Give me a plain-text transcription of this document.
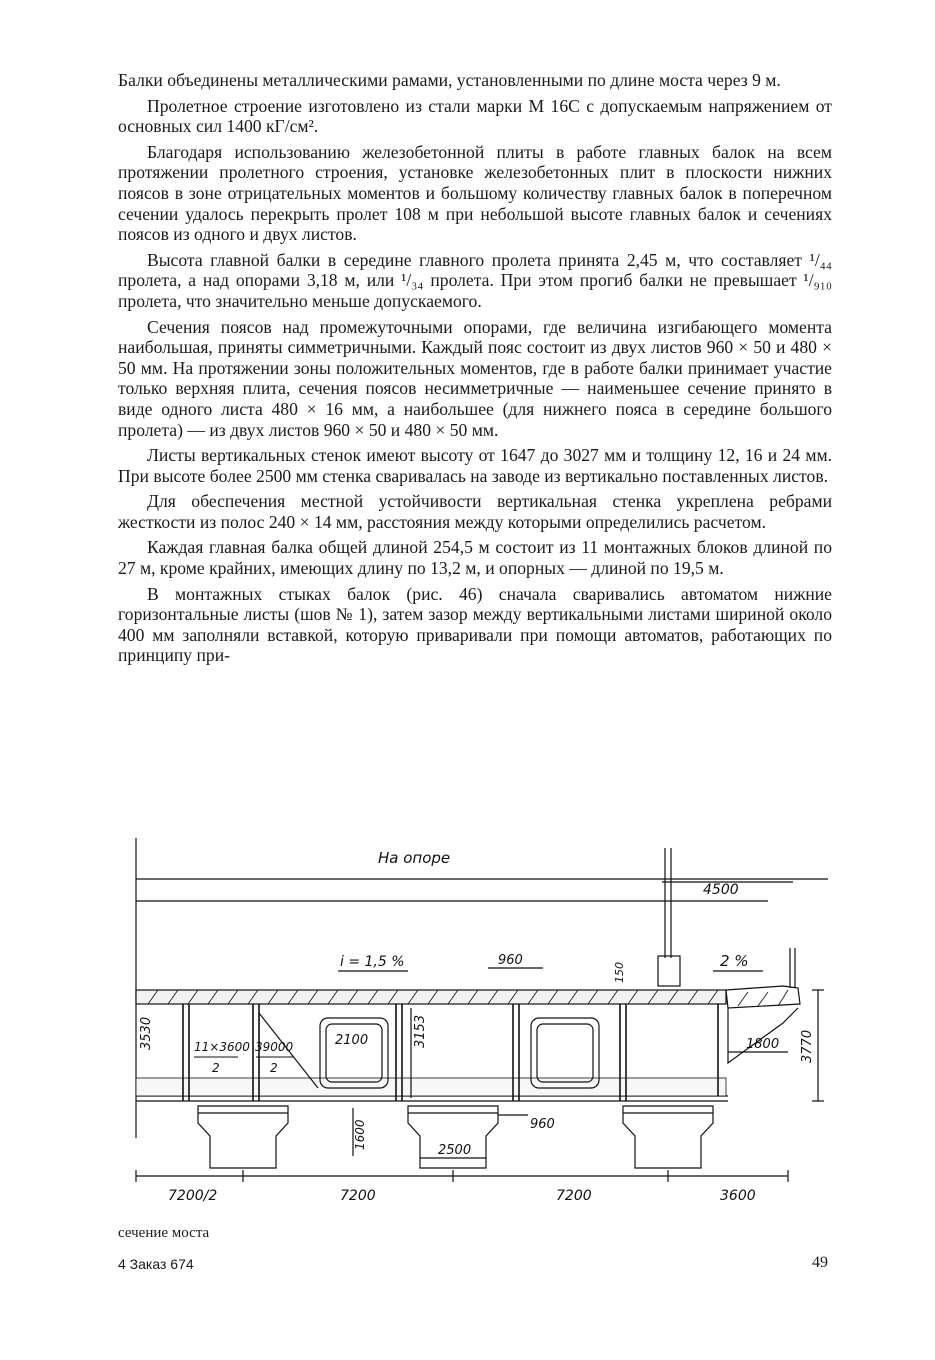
Балки объединены металлическими рамами, установленными по длине моста через 9 м.

Пролетное строение изготовлено из стали марки М 16С с допускаемым напряжением от основных сил 1400 кГ/см².

Благодаря использованию железобетонной плиты в работе главных балок на всем протяжении пролетного строения, установке железобетонных плит в плоскости нижних поясов в зоне отрицательных моментов и большому количеству главных балок в поперечном сечении удалось перекрыть пролет 108 м при небольшой высоте главных балок и сечениях поясов из одного и двух листов.

Высота главной балки в середине главного пролета принята 2,45 м, что составляет ¹/₄₄ пролета, а над опорами 3,18 м, или ¹/₃₄ пролета. При этом прогиб балки не превышает ¹/₉₁₀ пролета, что значительно меньше допускаемого.

Сечения поясов над промежуточными опорами, где величина изгибающего момента наибольшая, приняты симметричными. Каждый пояс состоит из двух листов 960 × 50 и 480 × 50 мм. На протяжении зоны положительных моментов, где в работе балки принимает участие только верхняя плита, сечения поясов несимметричные — наименьшее сечение принято в виде одного листа 480 × 16 мм, а наибольшее (для нижнего пояса в середине большого пролета) — из двух листов 960 × 50 и 480 × 50 мм.

Листы вертикальных стенок имеют высоту от 1647 до 3027 мм и толщину 12, 16 и 24 мм. При высоте более 2500 мм стенка сваривалась на заводе из вертикально поставленных листов.

Для обеспечения местной устойчивости вертикальная стенка укреплена ребрами жесткости из полос 240 × 14 мм, расстояния между которыми определились расчетом.

Каждая главная балка общей длиной 254,5 м состоит из 11 монтажных блоков длиной по 27 м, кроме крайних, имеющих длину по 13,2 м, и опорных — длиной по 19,5 м.

В монтажных стыках балок (рис. 46) сначала сваривались автоматом нижние горизонтальные листы (шов № 1), затем зазор между вертикальными листами шириной около 400 мм заполняли вставкой, которую приваривали при помощи автоматов, работающих по принципу при-

На опоре
4500
i = 1,5 %	960
150
2 %
3530	11×3600
2
39000
2
2100	3153	1800 3770
1600	960
2500
7200/2	7200	7200	3600
сечение моста
4 Заказ 674	49
